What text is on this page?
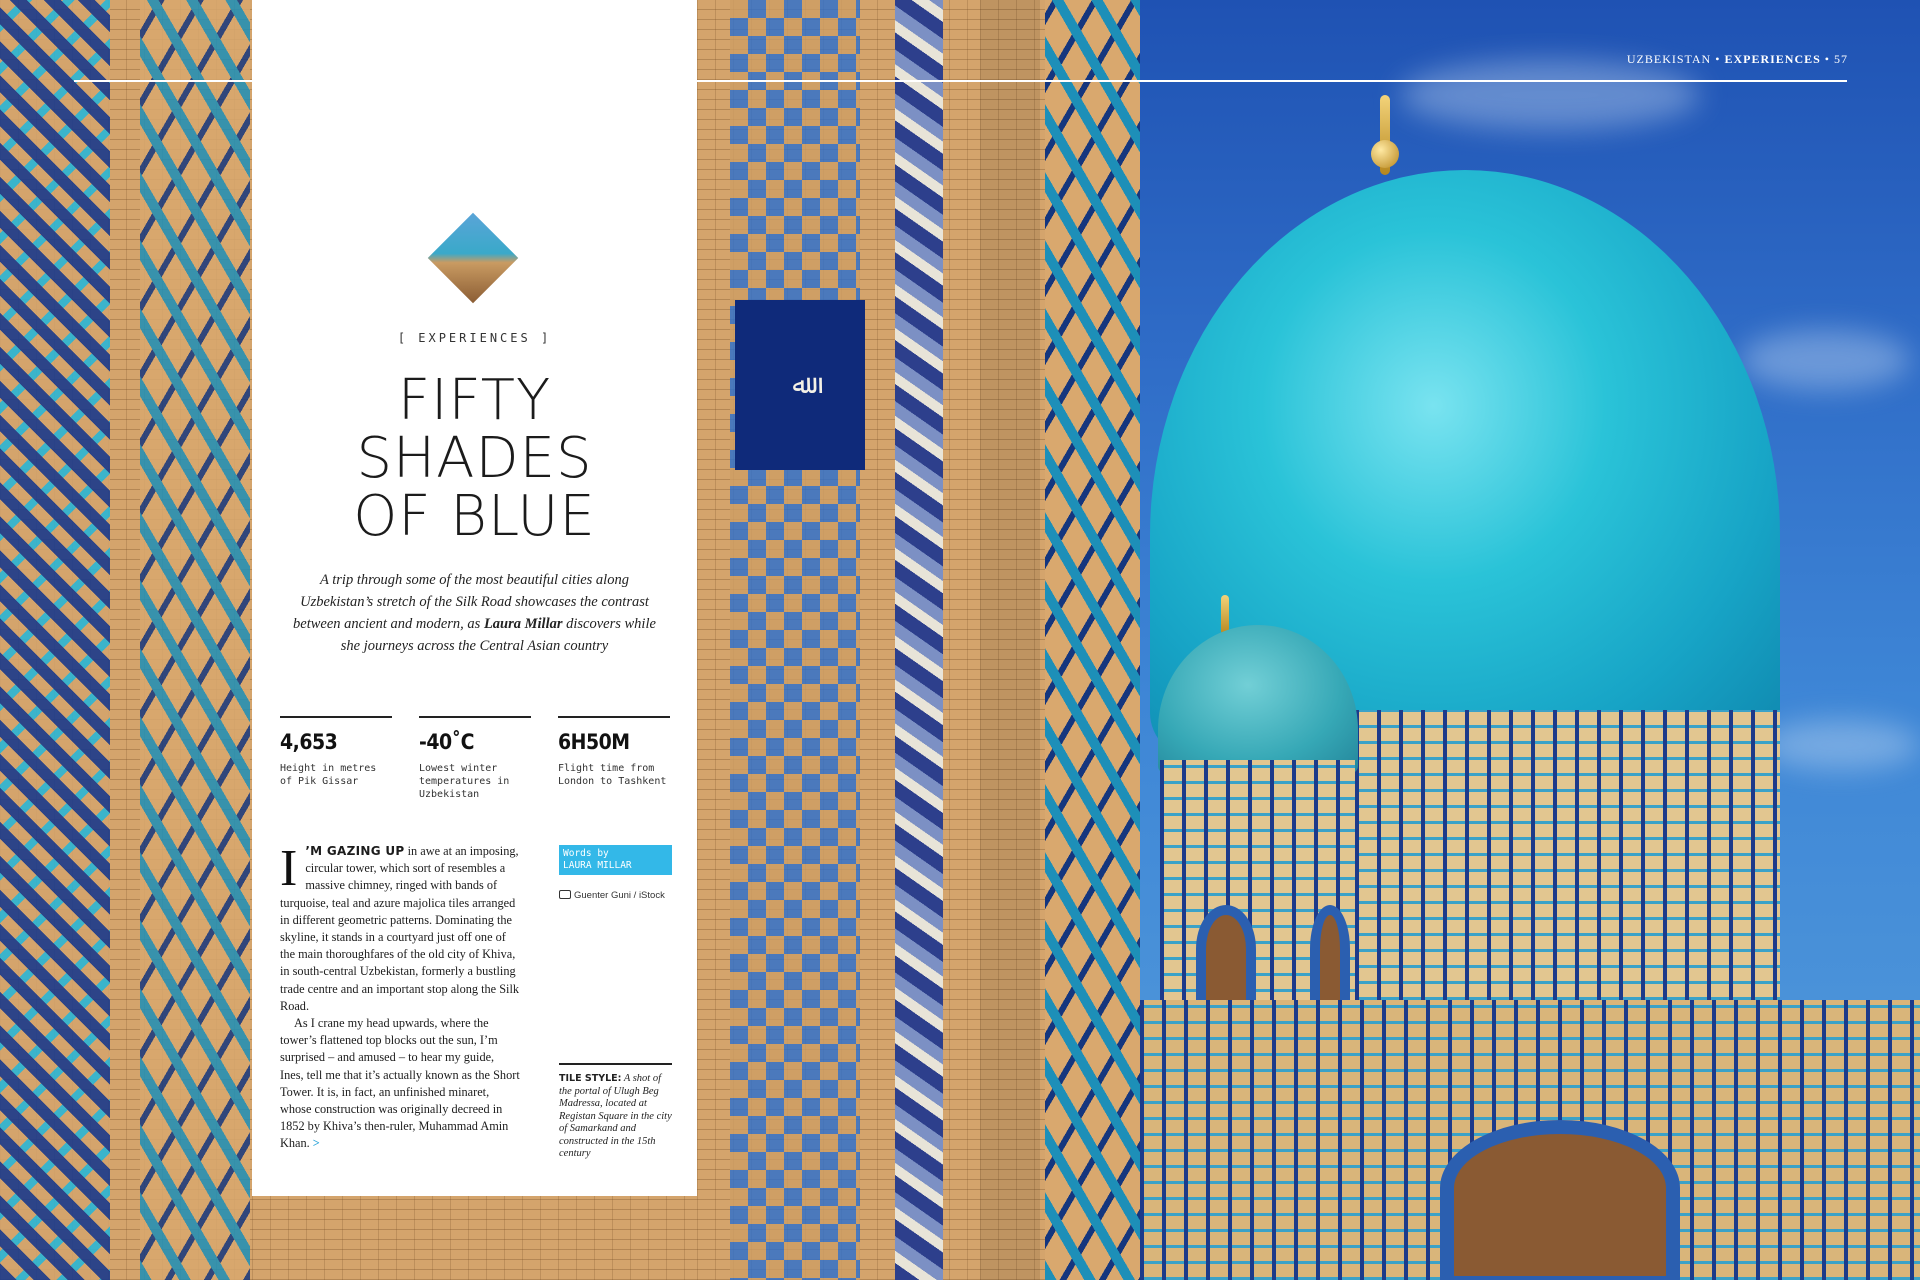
ﷲ
UZBEKISTAN • EXPERIENCES • 57
[ EXPERIENCES ]
FIFTY
SHADES
OF BLUE
A trip through some of the most beautiful cities along Uzbekistan’s stretch of the Silk Road showcases the contrast between ancient and modern, as Laura Millar discovers while she journeys across the Central Asian country
4,653
Height in metres of Pik Gissar
-40˚C
Lowest winter temperatures in Uzbekistan
6H50M
Flight time from London to Tashkent

I ’M GAZING UP in awe at an imposing, circular tower, which sort of resembles a massive chimney, ringed with bands of turquoise, teal and azure majolica tiles arranged in different geometric patterns. Dominating the skyline, it stands in a courtyard just off one of the main thoroughfares of the old city of Khiva, in south-central Uzbekistan, formerly a bustling trade centre and an important stop along the Silk Road.

As I crane my head upwards, where the tower’s flattened top blocks out the sun, I’m surprised – and amused – to hear my guide, Ines, tell me that it’s actually known as the Short Tower. It is, in fact, an unfinished minaret, whose construction was originally decreed in 1852 by Khiva’s then-ruler, Muhammad Amin Khan. >

Words by
LAURA MILLAR
Guenter Guni / iStock
TILE STYLE: A shot of the portal of Ulugh Beg Madressa, located at Registan Square in the city of Samarkand and constructed in the 15th century
